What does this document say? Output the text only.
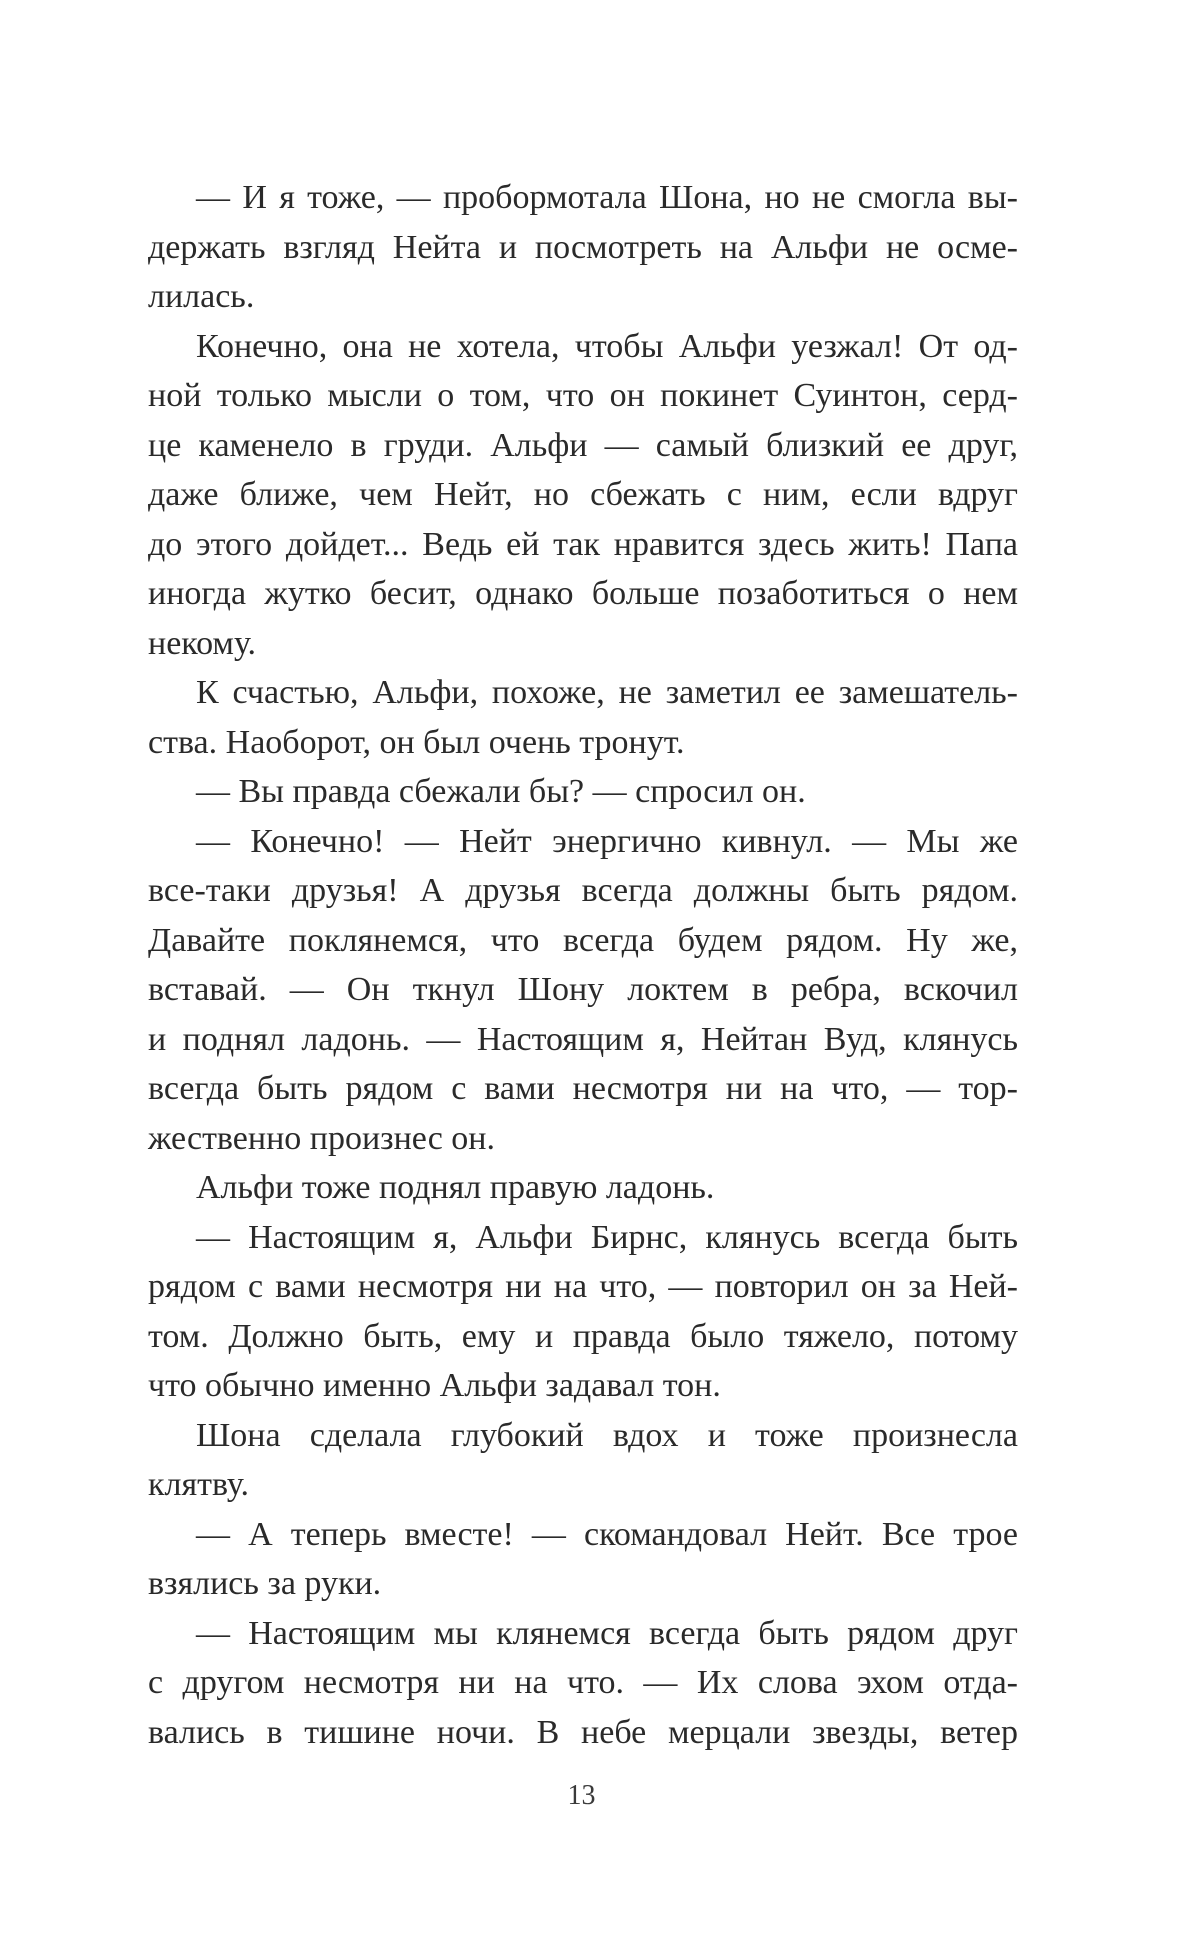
— И я тоже, — пробормотала Шона, но не смогла вы-
держать взгляд Нейта и посмотреть на Альфи не осме-
лилась.
Конечно, она не хотела, чтобы Альфи уезжал! От од-
ной только мысли о том, что он покинет Суинтон, серд-
це каменело в груди. Альфи — самый близкий ее друг,
даже ближе, чем Нейт, но сбежать с ним, если вдруг
до этого дойдет... Ведь ей так нравится здесь жить! Папа
иногда жутко бесит, однако больше позаботиться о нем
некому.
К счастью, Альфи, похоже, не заметил ее замешатель-
ства. Наоборот, он был очень тронут.
— Вы правда сбежали бы? — спросил он.
— Конечно! — Нейт энергично кивнул. — Мы же
все-таки друзья! А друзья всегда должны быть рядом.
Давайте поклянемся, что всегда будем рядом. Ну же,
вставай. — Он ткнул Шону локтем в ребра, вскочил
и поднял ладонь. — Настоящим я, Нейтан Вуд, клянусь
всегда быть рядом с вами несмотря ни на что, — тор-
жественно произнес он.
Альфи тоже поднял правую ладонь.
— Настоящим я, Альфи Бирнс, клянусь всегда быть
рядом с вами несмотря ни на что, — повторил он за Ней-
том. Должно быть, ему и правда было тяжело, потому
что обычно именно Альфи задавал тон.
Шона сделала глубокий вдох и тоже произнесла
клятву.
— А теперь вместе! — скомандовал Нейт. Все трое
взялись за руки.
— Настоящим мы клянемся всегда быть рядом друг
с другом несмотря ни на что. — Их слова эхом отда-
вались в тишине ночи. В небе мерцали звезды, ветер
13
